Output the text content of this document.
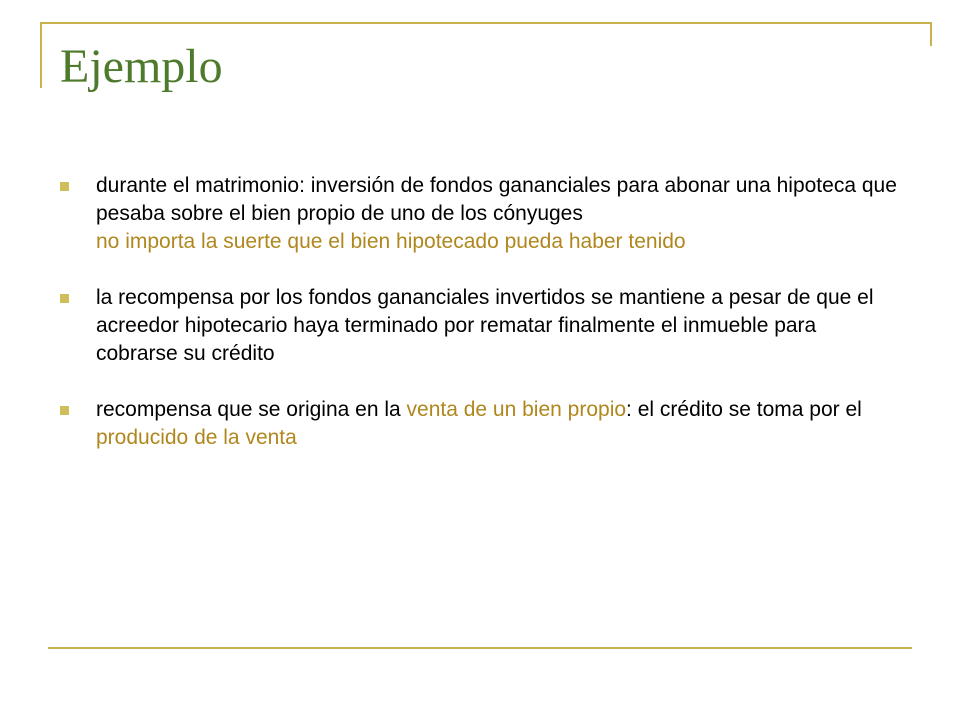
Ejemplo
durante el matrimonio: inversión de fondos gananciales para abonar una hipoteca que pesaba sobre el bien propio de uno de los cónyuges
no importa la suerte que el bien hipotecado pueda haber tenido
la recompensa por los fondos gananciales invertidos se mantiene a pesar de que el acreedor hipotecario haya terminado por rematar finalmente el inmueble para cobrarse su crédito
recompensa que se origina en la venta de un bien propio: el crédito se toma por el producido de la venta
